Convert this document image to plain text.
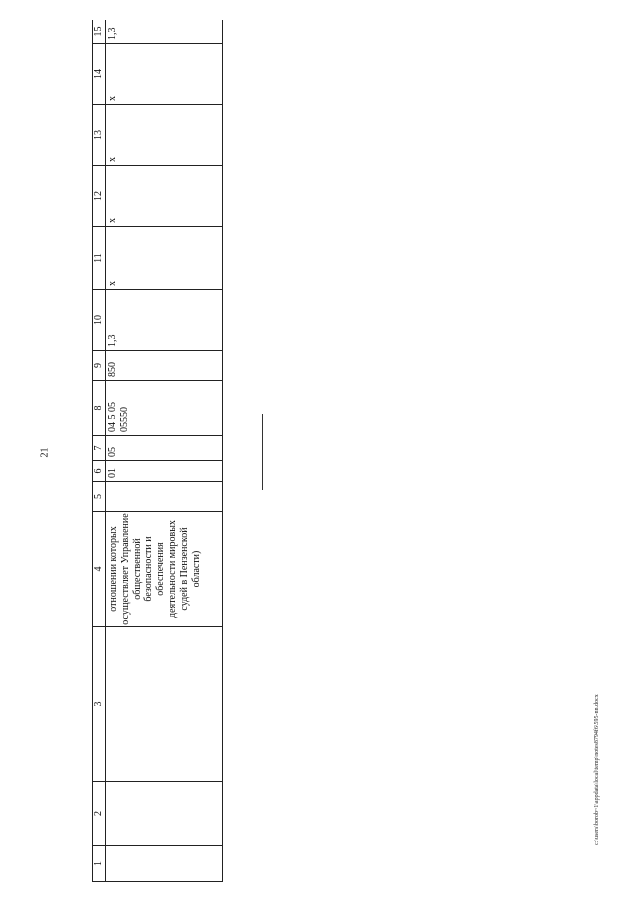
21
1	2	3	4	5	6	7	8	9	10	11	12	13	14	15
			отношении которых осуществляет Управление общественной безопасности и обеспечения деятельности мировых судей в Пензенской области)		01	05	04 5 05 05550	850	1,3	х	х	х	х	1,3
c:\users\borob~1\appdata\local\temp\notes8794f6\595-nn.docx
